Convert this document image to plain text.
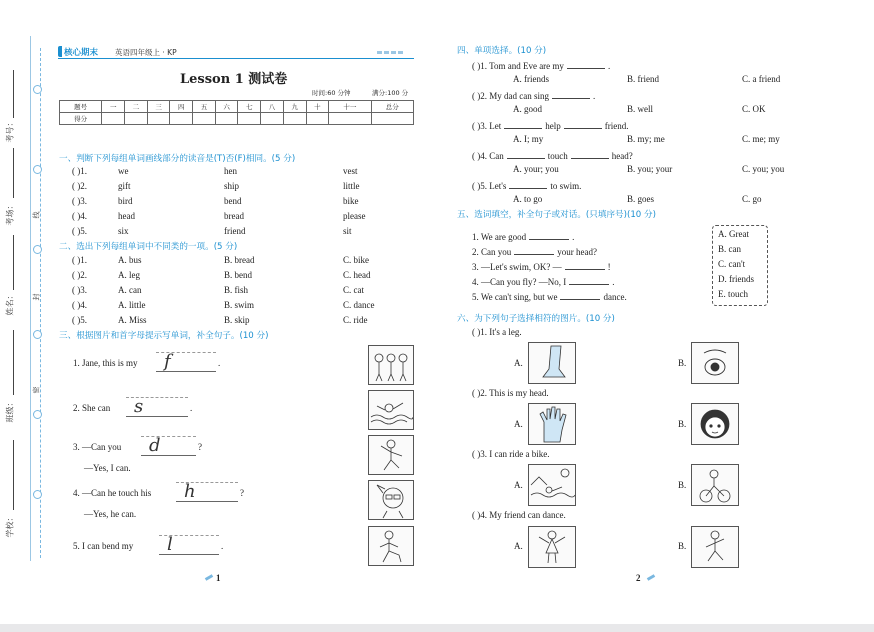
考号：
考场：
姓名：
班级：
学校：
线
封
密
核心期末 英语四年级上 · KP
Lesson 1 测试卷
时间:60 分钟	满分:100 分
题号	一	二	三	四	五	六	七	八	九	十	十一	总分
得分												
一、判断下列每组单词画线部分的读音是(T)否(F)相同。(5 分)
( )1.	we	hen	vest
( )2.	gift	ship	little
( )3.	bird	bend	bike
( )4.	head	bread	please
( )5.	six	friend	sit
二、选出下列每组单词中不同类的一项。(5 分)
( )1.	A. bus	B. bread	C. bike
( )2.	A. leg	B. bend	C. head
( )3.	A. can	B. fish	C. cat
( )4.	A. little	B. swim	C. dance
( )5.	A. Miss	B. skip	C. ride
三、根据图片和首字母提示写单词，补全句子。(10 分)
1. Jane, this is my f	.
2. She can s	.
3. —Can you d	?
—Yes, I can.
4. —Can he touch his h	?
—Yes, he can.
5. I can bend my l	.
1
四、单项选择。(10 分)
( )1. Tom and Eve are my	.
A. friends	B. friend	C. a friend
( )2. My dad can sing	.
A. good	B. well	C. OK
( )3. Let	help	friend.
A. I; my	B. my; me	C. me; my
( )4. Can	touch	head?
A. your; you	B. you; your	C. you; you
( )5. Let's	to swim.
A. to go	B. goes	C. go
五、选词填空，补全句子或对话。(只填序号)(10 分)
1. We are good	.
2. Can you	your head?
3. —Let's swim, OK? —	!
4. —Can you fly? —No, I	.
5. We can't sing, but we	dance.
A. Great
B. can
C. can't
D. friends
E. touch
六、为下列句子选择相符的图片。(10 分)
( )1. It's a leg.
A.	B.
( )2. This is my head.
A.	B.
( )3. I can ride a bike.
A.	B.
( )4. My friend can dance.
A.	B.
2
